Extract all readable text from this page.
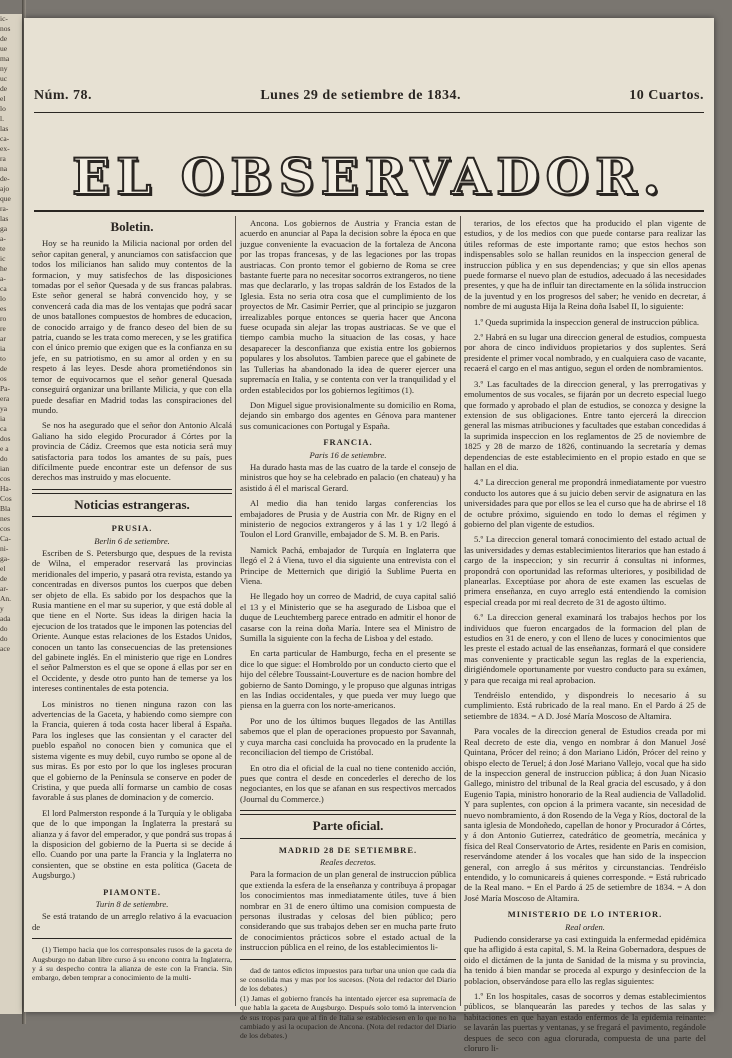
ic-
nos
de
ue
ma
ny
uc
de
el
lo
l.
las
ca-
ex-
ra
na
de-
ajo
que
ra-
las
ga
a-
te
ic
he
a-
ca
lo
es
ro
re
ar
ia
to
de
os
Pa-
era
ya
ia
ca
dos
e a
do
ian
cos
Ha-
Cos
Bla
nes
cos
Ca-
ni-
ga-
el
de
ar-
An.
y
ada
do
do
ace
Núm. 78.	Lunes 29 de setiembre de 1834.	10 Cuartos.
EL OBSERVADOR.
Boletin.

Hoy se ha reunido la Milicia nacional por orden del señor capitan general, y anunciamos con satisfaccion que todos los milicianos han salido muy contentos de la formacion, y muy satisfechos de las disposiciones tomadas por el señor Quesada y de sus francas palabras. Este señor general se habrá convencido hoy, y se convencerá cada dia mas de los ventajas que podrá sacar de unos batallones compuestos de hombres de educacion, de conocido arraigo y de franco deseo del bien de su patria, cuando se les trata como merecen, y se les gratifica con el único premio que exigen que es la confianza en su jefe, en su patriotismo, en su amor al orden y en su respeto á las leyes. Desde ahora prometiéndonos sin temor de equivocarnos que el señor general Quesada conseguirá organizar una brillante Milicia, y que con ella puede desafiar en Madrid todas las conspiraciones del mundo.

Se nos ha asegurado que el señor don Antonio Alcalá Galiano ha sido elegido Procurador á Córtes por la provincia de Cádiz. Creemos que esta noticia será muy satisfactoria para todos los amantes de su país, pues difícilmente puede encontrar este un defensor de sus derechos mas instruido y mas elocuente.

Noticias estrangeras.
PRUSIA.
Berlin 6 de setiembre.

Escriben de S. Petersburgo que, despues de la revista de Wilna, el emperador reservará las provincias meridionales del imperio, y pasará otra revista, estando ya concentradas en diversos puntos los cuerpos que deben ser objeto de ella. Es sabido por los despachos que la Rusia mantiene en el mar su superior, y que está doble al que tiene en el Norte. Sus ideas la dirigen hacia la ejecucion de los tratados que le imponen las potencias del Oriente. Aunque estas relaciones de los Estados Unidos, conocen un tanto las consecuencias de las pretensiones del gabinete inglés. En el ministerio que rige en Londres el señor Palmerston es el que se opone á ellas por ser en el Occidente, y desde otro punto han de temerse ya los intereses continentales de esta potencia.

Los ministros no tienen ninguna razon con las advertencias de la Gaceta, y habiendo como siempre con la Francia, quieren á toda costa hacer liberal á España. Para los ingleses que las consientan y el caracter del pueblo español no conocen bien y comunica que el sistema vigente es muy debil, cuyo rumbo se opone al de sus miras. Es por esto por lo que los ingleses procuran que el gobierno de la Península se conserve en poder de Cristina, y que pueda allí formarse un cambio de cosas favorable á sus planes de dominacion y de comercio.

El lord Palmerston responde á la Turquía y le obligaba que de lo que impongan la Inglaterra la prestará su alianza y á favor del emperador, y que pondrá sus tropas á la disposicion del gobierno de la Puerta si se decide á ello. Cuando por una parte la Francia y la Inglaterra no consienten, que se obstine en esta política (Gaceta de Augsburgo.)

PIAMONTE.
Turin 8 de setiembre.

Se está tratando de un arreglo relativo á la evacuacion de

(1) Tiempo hacia que los corresponsales rusos de la gaceta de Augsburgo no daban libre curso á su encono contra la Inglaterra, y á su despecho contra la alianza de este con la Francia. Sin embargo, deben temprar a conocimiento de la multi-

Ancona. Los gobiernos de Austria y Francia estan de acuerdo en anunciar al Papa la decision sobre la época en que juzgue conveniente la evacuacion de la fortaleza de Ancona por las tropas francesas, y de las legaciones por las tropas austriacas. Con pronto temor el gobierno de Roma se cree bastante fuerte para no necesitar socorros extrangeros, no tiene mas que declararlo, y las tropas saldrán de los Estados de la Iglesia. Esta no seria otra cosa que el cumplimiento de los proyectos de Mr. Casimir Perrier, que al principio se juzgaron irrealizables porque entonces se queria hacer que Ancona fuese ocupada sin alejar las tropas austriacas. Se ve que el tiempo cambia mucho la situacion de las cosas, y hace desaparecer la desconfianza que existia entre los gobiernos populares y los absolutos. Tambien parece que el gabinete de las Tullerias ha abandonado la idea de querer ejercer una supremacía en Italia, y se contenta con ver la tranquilidad y el orden establecidos por los gobiernos legítimos (1).

Don Miguel sigue provisionalmente su domicilio en Roma, dejando sin embargo dos agentes en Génova para mantener sus comunicaciones con Portugal y España.

FRANCIA.
Paris 16 de setiembre.

Ha durado hasta mas de las cuatro de la tarde el consejo de ministros que hoy se ha celebrado en palacio (en chateau) y ha asistido á él el mariscal Gerard.

Al medio dia han tenido largas conferencias los embajadores de Prusia y de Austria con Mr. de Rigny en el ministerio de negocios extrangeros y á las 1 y 1/2 llegó á Toulon el Lord Granville, embajador de S. M. B. en Paris.

Namick Pachá, embajador de Turquía en Inglaterra que llegó el 2 á Viena, tuvo el dia siguiente una entrevista con el Principe de Metternich que dirigió la Sublime Puerta en Viena.

He llegado hoy un correo de Madrid, de cuya capital salió el 13 y el Ministerio que se ha asegurado de Lisboa que el duque de Leuchtemberg parece entrado en admitir el honor de casarse con la reina doña María. Intere sea el Ministro de Sumilla la siguiente con la fecha de Lisboa y del estado.

En carta particular de Hamburgo, fecha en el presente se dice lo que sigue: el Hombroldo por un conducto cierto que el hijo del célebre Toussaint-Louverture es de nacion hombre del gobierno de Santo Domingo, y le propuso que algunas intrigas en las Indias occidentales, y que pueda ver muy luego que piensa en la guerra con los norte-americanos.

Por uno de los últimos buques llegados de las Antillas sabemos que el plan de operaciones propuesto por Savannah, y cuya marcha casi concluida ha provocado en la prudente la reconciliacion del tiempo de Cristóbal.

En otro dia el oficial de la cual no tiene contenido acción, pues que contra el desde en concederles el derecho de los negociantes, en los que se afanan en sus respectivos mercados (Journal du Commerce.)

Parte oficial.
MADRID 28 DE SETIEMBRE.
Reales decretos.

Para la formacion de un plan general de instruccion pública que extienda la esfera de la enseñanza y contribuya á propagar los conocimientos mas inmediatamente útiles, tuve á bien nombrar en 31 de enero último una comision compuesta de personas ilustradas y celosas del bien público; pero considerando que sus trabajos deben ser en mucha parte fruto de conocimientos prácticos sobre el estado actual de la instruccion pública en el reino, de los establecimientos li-

dad de tantos edictos impuestos para turbar una union que cada dia se consolida mas y mas por los sucesos. (Nota del redactor del Diario de los debates.)
(1) Jamas el gobierno francés ha intentado ejercer esa supremacía de que habla la gaceta de Augsburgo. Después solo tomó la intervencion de sus tropas para que al fin de Italia se estableciesen en lo que no ha cambiado y asi la ocupacion de Ancona. (Nota del redactor del Diario de los debates.)

terarios, de los efectos que ha producido el plan vigente de estudios, y de los medios con que puede contarse para realizar las útiles reformas de este importante ramo; que estos hechos son indispensables solo se hallan reunidos en la inspeccion general de instruccion pública y en sus dependencias; y que sin ellos apenas puede formarse el nuevo plan de estudios, adecuado á las necesidades presentes, y que ha de influir tan directamente en la sólida instruccion de la juventud y en los progresos del saber; he venido en decretar, á nombre de mi augusta Hija la Reina doña Isabel II, lo siguiente:

1.º Queda suprimida la inspeccion general de instruccion pública.

2.º Habrá en su lugar una direccion general de estudios, compuesta por ahora de cinco individuos propietarios y dos suplentes. Será presidente el primer vocal nombrado, y en cualquiera caso de vacante, recaerá el cargo en el mas antiguo, segun el orden de nombramientos.

3.º Las facultades de la direccion general, y las prerrogativas y emolumentos de sus vocales, se fijarán por un decreto especial luego que formado y aprobado el plan de estudios, se conozca y designe la extension de sus obligaciones. Entre tanto ejercerá la direccion general las mismas atribuciones y facultades que estaban concedidas á la suprimida inspeccion en los reglamentos de 25 de noviembre de 1825 y 28 de marzo de 1826, continuando la secretaría y demas dependencias de este establecimiento en el propio estado en que se hallan en el dia.

4.º La direccion general me propondrá inmediatamente por vuestro conducto los autores que á su juicio deben servir de asignatura en las universidades para que por ellos se lea el curso que ha de abrirse el 18 de octubre próximo, siguiendo en todo lo demas el régimen y gobierno del plan vigente de estudios.

5.º La direccion general tomará conocimiento del estado actual de las universidades y demas establecimientos literarios que han estado á cargo de la inspeccion; y sin recurrir á consultas ni informes, propondrá con oportunidad las reformas ulteriores, y posibilidad de planearlas. Exceptúase por ahora de este examen las escuelas de primera enseñanza, en cuyo arreglo está entendiendo la comision especial creada por mi real decreto de 31 de agosto último.

6.º La direccion general examinará los trabajos hechos por los individuos que fueron encargados de la formacion del plan de estudios en 31 de enero, y con el lleno de luces y conocimientos que les preste el estado actual de las enseñanzas, formará el que considere mas conveniente y practicable segun las reglas de la experiencia, dirigiéndomele oportunamente por vuestro conducto para su exámen, y para que recaiga mi real aprobacion.

Tendréislo entendido, y dispondreis lo necesario á su cumplimiento. Está rubricado de la real mano. En el Pardo á 25 de setiembre de 1834. = A D. José María Moscoso de Altamira.

Para vocales de la direccion general de Estudios creada por mi Real decreto de este dia, vengo en nombrar á don Manuel José Quintana, Prócer del reino; á don Mariano Lidón, Prócer del reino y obispo electo de Teruel; á don José Mariano Vallejo, vocal que ha sido de la inspeccion general de instruccion pública; á don Juan Nicasio Gallego, ministro del tribunal de la Real gracia del escusado, y á don Eugenio Tapia, ministro honorario de la Real audiencia de Valladolid. Y para suplentes, con opcion á la primera vacante, sin necesidad de nuevo nombramiento, á don Rosendo de la Vega y Ríos, doctoral de la santa iglesia de Mondoñedo, capellan de honor y Procurador á Córtes, y á don Antonio Gutierrez, catedrático de geometría, mecánica y física del Real Conservatorio de Artes, residente en Paris en comision, reservándome atender á los vocales que han sido de la inspeccion general, con arreglo á sus méritos y circunstancias. Tendréislo entendido, y lo comunicareis á quienes corresponde. = Está rubricado de la Real mano. = En el Pardo á 25 de setiembre de 1834. = A don José María Moscoso de Altamira.

MINISTERIO DE LO INTERIOR.
Real orden.

Pudiendo considerarse ya casi extinguida la enfermedad epidémica que ha afligido á esta capital, S. M. la Reina Gobernadora, despues de oido el dictámen de la junta de Sanidad de la misma y su provincia, ha tenido á bien mandar se proceda al expurgo y desinfeccion de la poblacion, observándose para ello las reglas siguientes:

1.º En los hospitales, casas de socorros y demas establecimientos públicos, se blanquearán las paredes y techos de las salas y habitaciones en que hayan estado enfermos de la epidemia reinante: se lavarán las puertas y ventanas, y se fregará el pavimento, regándole despues de seco con agua clorurada, compuesta de una parte del cloruro li-
